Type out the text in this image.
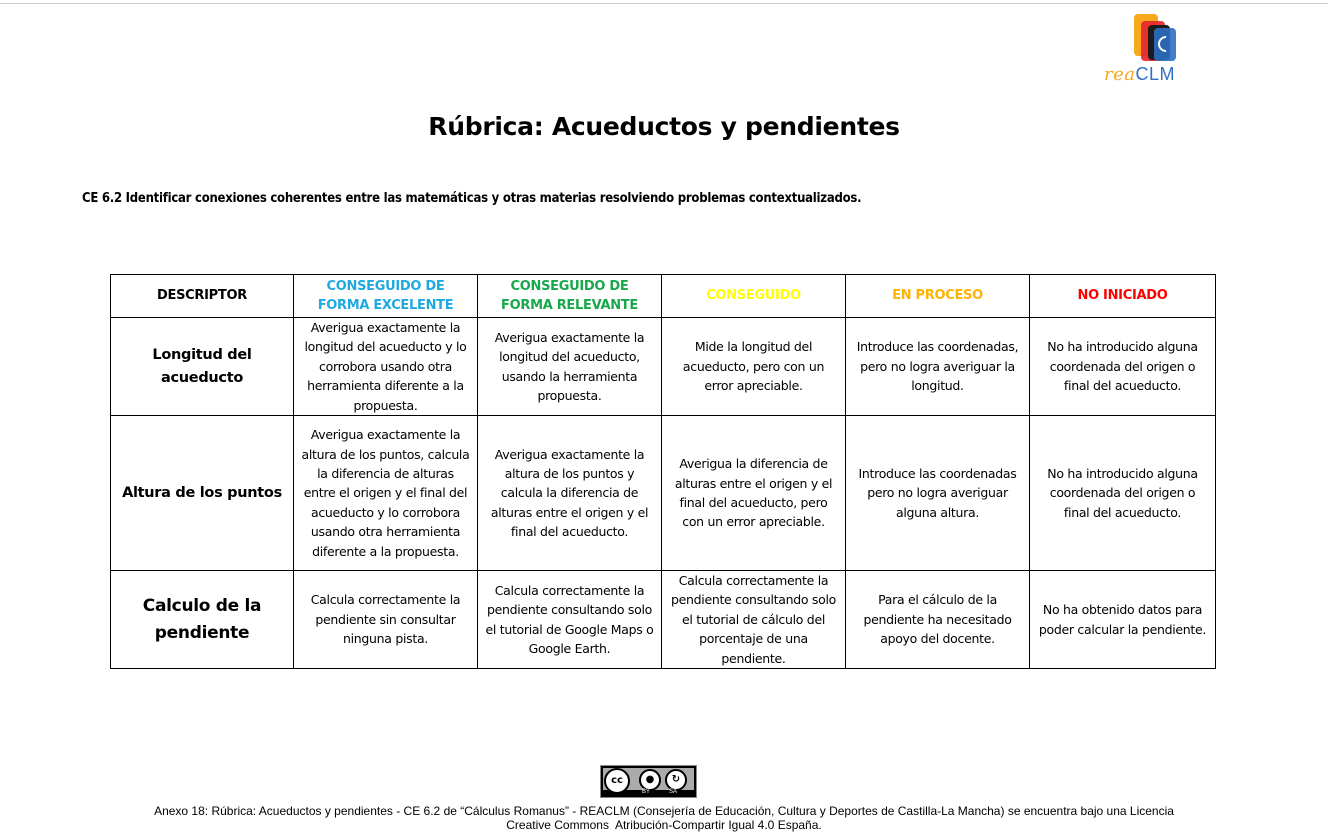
reaCLM
Rúbrica: Acueductos y pendientes
CE 6.2 Identificar conexiones coherentes entre las matemáticas y otras materias resolviendo problemas contextualizados.
DESCRIPTOR	CONSEGUIDO DE FORMA EXCELENTE	CONSEGUIDO DE FORMA RELEVANTE	CONSEGUIDO	EN PROCESO	NO INICIADO
Longitud del acueducto	Averigua exactamente la longitud del acueducto y lo corrobora usando otra herramienta diferente a la propuesta.	Averigua exactamente la longitud del acueducto, usando la herramienta propuesta.	Mide la longitud del acueducto, pero con un error apreciable.	Introduce las coordenadas, pero no logra averiguar la longitud.	No ha introducido alguna coordenada del origen o final del acueducto.
Altura de los puntos	Averigua exactamente la altura de los puntos, calcula la diferencia de alturas entre el origen y el final del acueducto y lo corrobora usando otra herramienta diferente a la propuesta.	Averigua exactamente la altura de los puntos y calcula la diferencia de alturas entre el origen y el final del acueducto.	Averigua la diferencia de alturas entre el origen y el final del acueducto, pero con un error apreciable.	Introduce las coordenadas pero no logra averiguar alguna altura.	No ha introducido alguna coordenada del origen o final del acueducto.
Calculo de la pendiente	Calcula correctamente la pendiente sin consultar ninguna pista.	Calcula correctamente la pendiente consultando solo el tutorial de Google Maps o Google Earth.	Calcula correctamente la pendiente consultando solo el tutorial de cálculo del porcentaje de una pendiente.	Para el cálculo de la pendiente ha necesitado apoyo del docente.	No ha obtenido datos para poder calcular la pendiente.
cc	●	↻
BY	SA
Anexo 18: Rúbrica: Acueductos y pendientes - CE 6.2 de “Cálculus Romanus” - REACLM (Consejería de Educación, Cultura y Deportes de Castilla-La Mancha) se encuentra bajo una Licencia
Creative Commons  Atribución-Compartir Igual 4.0 España.
